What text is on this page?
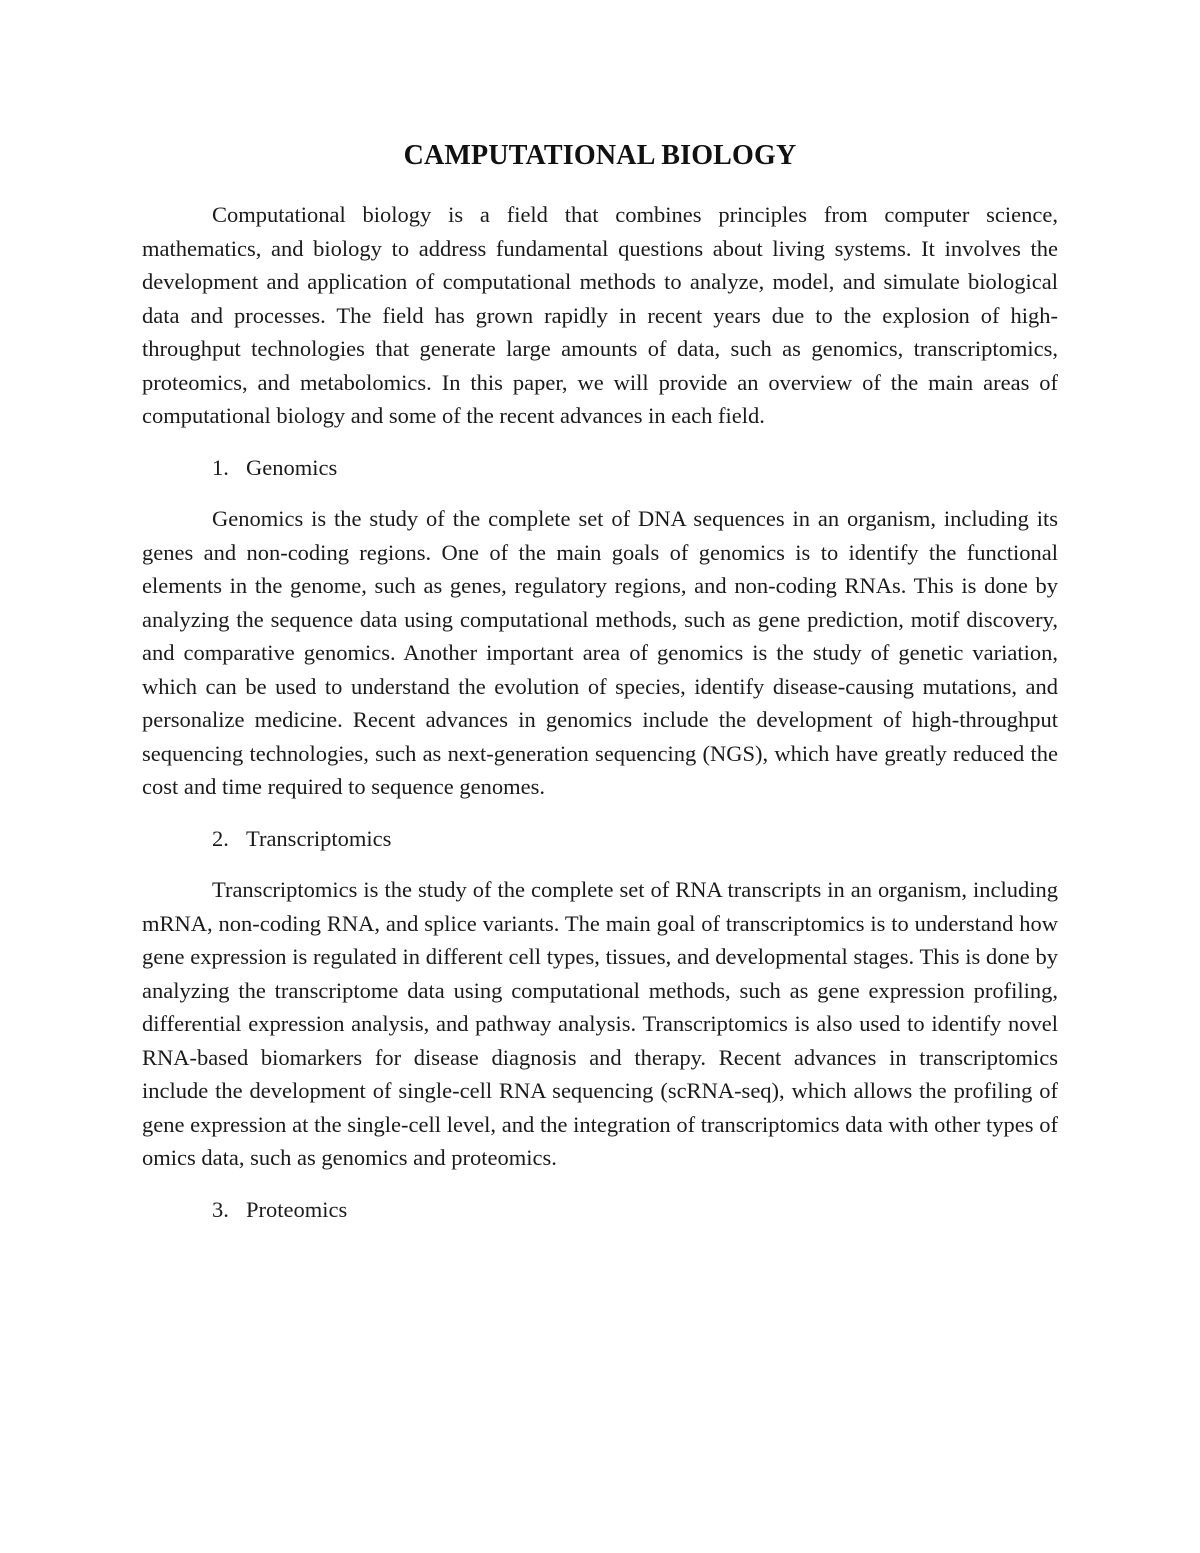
CAMPUTATIONAL BIOLOGY

Computational biology is a field that combines principles from computer science, mathematics, and biology to address fundamental questions about living systems. It involves the development and application of computational methods to analyze, model, and simulate biological data and processes. The field has grown rapidly in recent years due to the explosion of high-throughput technologies that generate large amounts of data, such as genomics, transcriptomics, proteomics, and metabolomics. In this paper, we will provide an overview of the main areas of computational biology and some of the recent advances in each field.

1. Genomics

Genomics is the study of the complete set of DNA sequences in an organism, including its genes and non-coding regions. One of the main goals of genomics is to identify the functional elements in the genome, such as genes, regulatory regions, and non-coding RNAs. This is done by analyzing the sequence data using computational methods, such as gene prediction, motif discovery, and comparative genomics. Another important area of genomics is the study of genetic variation, which can be used to understand the evolution of species, identify disease-causing mutations, and personalize medicine. Recent advances in genomics include the development of high-throughput sequencing technologies, such as next-generation sequencing (NGS), which have greatly reduced the cost and time required to sequence genomes.

2. Transcriptomics

Transcriptomics is the study of the complete set of RNA transcripts in an organism, including mRNA, non-coding RNA, and splice variants. The main goal of transcriptomics is to understand how gene expression is regulated in different cell types, tissues, and developmental stages. This is done by analyzing the transcriptome data using computational methods, such as gene expression profiling, differential expression analysis, and pathway analysis. Transcriptomics is also used to identify novel RNA-based biomarkers for disease diagnosis and therapy. Recent advances in transcriptomics include the development of single-cell RNA sequencing (scRNA-seq), which allows the profiling of gene expression at the single-cell level, and the integration of transcriptomics data with other types of omics data, such as genomics and proteomics.

3. Proteomics
